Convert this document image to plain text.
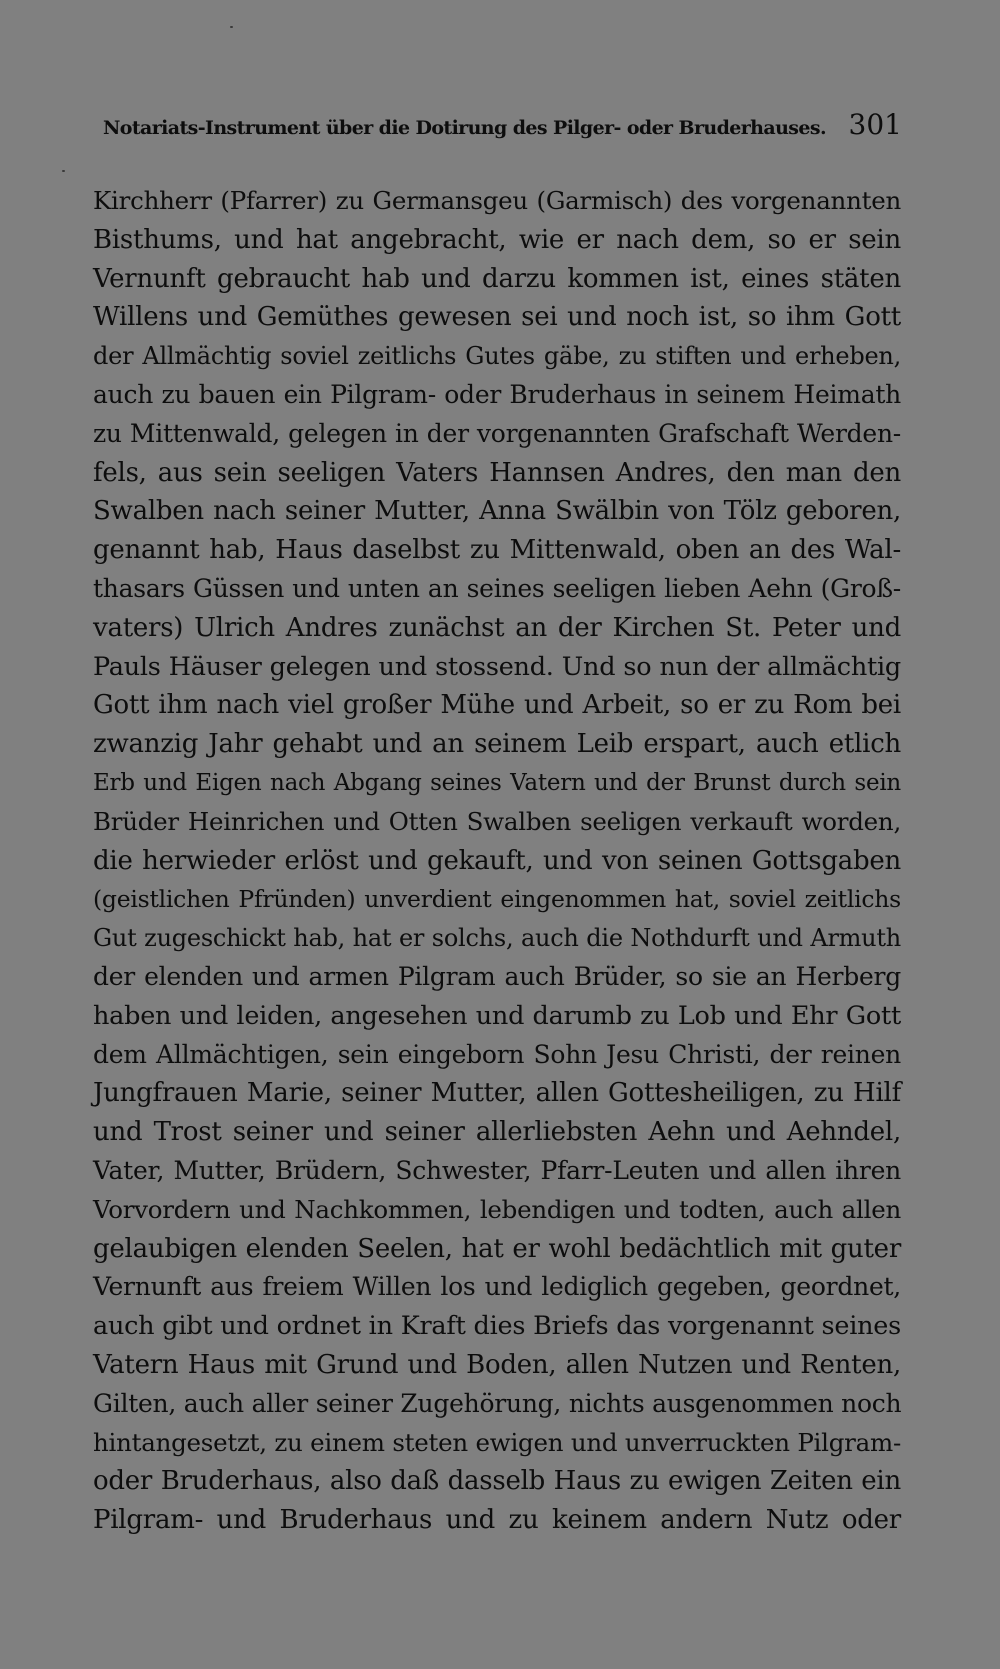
Notariats-Instrument über die Dotirung des Pilger- oder Bruderhauses. 301
Kirchherr (Pfarrer) zu Germansgeu (Garmisch) des vorgenannten
Bisthums, und hat angebracht, wie er nach dem, so er sein
Vernunft gebraucht hab und darzu kommen ist, eines stäten
Willens und Gemüthes gewesen sei und noch ist, so ihm Gott
der Allmächtig soviel zeitlichs Gutes gäbe, zu stiften und erheben,
auch zu bauen ein Pilgram- oder Bruderhaus in seinem Heimath
zu Mittenwald, gelegen in der vorgenannten Grafschaft Werden-
fels, aus sein seeligen Vaters Hannsen Andres, den man den
Swalben nach seiner Mutter, Anna Swälbin von Tölz geboren,
genannt hab, Haus daselbst zu Mittenwald, oben an des Wal-
thasars Güssen und unten an seines seeligen lieben Aehn (Groß-
vaters) Ulrich Andres zunächst an der Kirchen St. Peter und
Pauls Häuser gelegen und stossend. Und so nun der allmächtig
Gott ihm nach viel großer Mühe und Arbeit, so er zu Rom bei
zwanzig Jahr gehabt und an seinem Leib erspart, auch etlich
Erb und Eigen nach Abgang seines Vatern und der Brunst durch sein
Brüder Heinrichen und Otten Swalben seeligen verkauft worden,
die herwieder erlöst und gekauft, und von seinen Gottsgaben
(geistlichen Pfründen) unverdient eingenommen hat, soviel zeitlichs
Gut zugeschickt hab, hat er solchs, auch die Nothdurft und Armuth
der elenden und armen Pilgram auch Brüder, so sie an Herberg
haben und leiden, angesehen und darumb zu Lob und Ehr Gott
dem Allmächtigen, sein eingeborn Sohn Jesu Christi, der reinen
Jungfrauen Marie, seiner Mutter, allen Gottesheiligen, zu Hilf
und Trost seiner und seiner allerliebsten Aehn und Aehndel,
Vater, Mutter, Brüdern, Schwester, Pfarr-Leuten und allen ihren
Vorvordern und Nachkommen, lebendigen und todten, auch allen
gelaubigen elenden Seelen, hat er wohl bedächtlich mit guter
Vernunft aus freiem Willen los und lediglich gegeben, geordnet,
auch gibt und ordnet in Kraft dies Briefs das vorgenannt seines
Vatern Haus mit Grund und Boden, allen Nutzen und Renten,
Gilten, auch aller seiner Zugehörung, nichts ausgenommen noch
hintangesetzt, zu einem steten ewigen und unverruckten Pilgram-
oder Bruderhaus, also daß dasselb Haus zu ewigen Zeiten ein
Pilgram- und Bruderhaus und zu keinem andern Nutz oder
